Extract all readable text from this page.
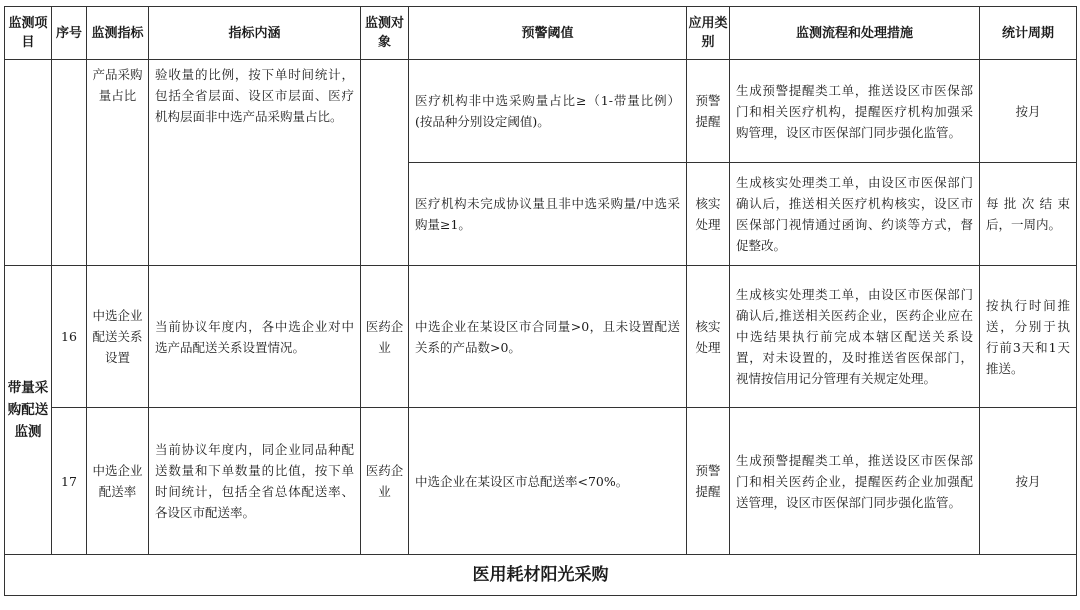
监测项目	序号	监测指标	指标内涵	监测对象	预警阈值	应用类别	监测流程和处理措施	统计周期
		产品采购量占比	验收量的比例，按下单时间统计，包括全省层面、设区市层面、医疗机构层面非中选产品采购量占比。		医疗机构非中选采购量占比≥（1-带量比例）(按品种分别设定阈值)。	预警提醒	生成预警提醒类工单，推送设区市医保部门和相关医疗机构，提醒医疗机构加强采购管理，设区市医保部门同步强化监管。	按月
					医疗机构未完成协议量且非中选采购量/中选采购量≥1。	核实处理	生成核实处理类工单，由设区市医保部门确认后，推送相关医疗机构核实，设区市医保部门视情通过函询、约谈等方式，督促整改。	每批次结束后，一周内。
带量采购配送监测	16	中选企业配送关系设置	当前协议年度内，各中选企业对中选产品配送关系设置情况。	医药企业	中选企业在某设区市合同量>0，且未设置配送关系的产品数>0。	核实处理	生成核实处理类工单，由设区市医保部门确认后,推送相关医药企业，医药企业应在中选结果执行前完成本辖区配送关系设置，对未设置的，及时推送省医保部门，视情按信用记分管理有关规定处理。	按执行时间推送，分别于执行前3天和1天推送。
	17	中选企业配送率	当前协议年度内，同企业同品种配送数量和下单数量的比值，按下单时间统计，包括全省总体配送率、各设区市配送率。	医药企业	中选企业在某设区市总配送率<70%。	预警提醒	生成预警提醒类工单，推送设区市医保部门和相关医药企业，提醒医药企业加强配送管理，设区市医保部门同步强化监管。	按月
医用耗材阳光采购								
